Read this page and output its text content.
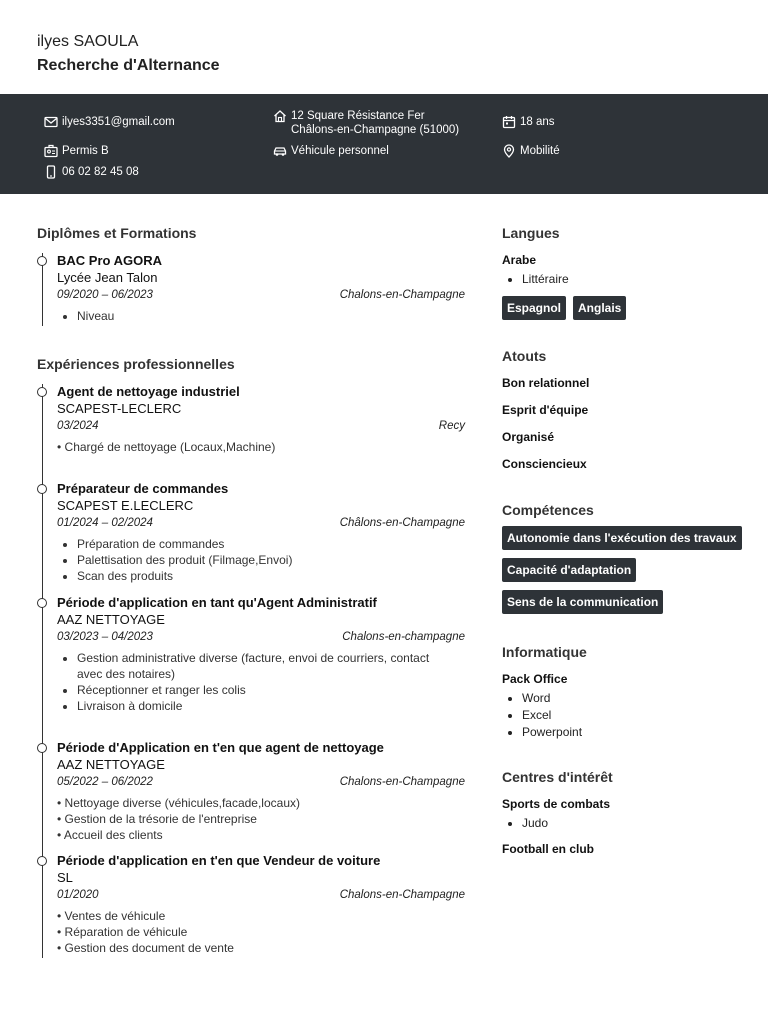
ilyes SAOULA
Recherche d'Alternance
ilyes3351@gmail.com	12 Square Résistance Fer
Châlons-en-Champagne (51000)
18 ans
Permis B	Véhicule personnel	Mobilité
06 02 82 45 08
Diplômes et Formations
BAC Pro AGORA
Lycée Jean Talon
09/2020 – 06/2023	Chalons-en-Champagne
• Niveau
Expériences professionnelles
Agent de nettoyage industriel
SCAPEST-LECLERC
03/2024	Recy
• Chargé de nettoyage (Locaux,Machine)
Préparateur de commandes
SCAPEST E.LECLERC
01/2024 – 02/2024	Châlons-en-Champagne
• Préparation de commandes
• Palettisation des produit (Filmage,Envoi)
• Scan des produits
Période d'application en tant qu'Agent Administratif
AAZ NETTOYAGE
03/2023 – 04/2023	Chalons-en-champagne
• Gestion administrative diverse (facture, envoi de courriers, contact avec des notaires)
• Réceptionner et ranger les colis
• Livraison à domicile
Période d'Application en t'en que agent de nettoyage
AAZ NETTOYAGE
05/2022 – 06/2022	Chalons-en-Champagne
• Nettoyage diverse (véhicules,facade,locaux)
• Gestion de la trésorie de l'entreprise
• Accueil des clients
Période d'application en t'en que Vendeur de voiture
SL
01/2020	Chalons-en-Champagne
• Ventes de véhicule
• Réparation de véhicule
• Gestion des document de vente
Langues
Arabe
• Littéraire
Espagnol	Anglais
Atouts
Bon relationnel
Esprit d'équipe
Organisé
Consciencieux
Compétences
Autonomie dans l'exécution des travaux
Capacité d'adaptation
Sens de la communication
Informatique
Pack Office
• Word
• Excel
• Powerpoint
Centres d'intérêt
Sports de combats
• Judo
Football en club
